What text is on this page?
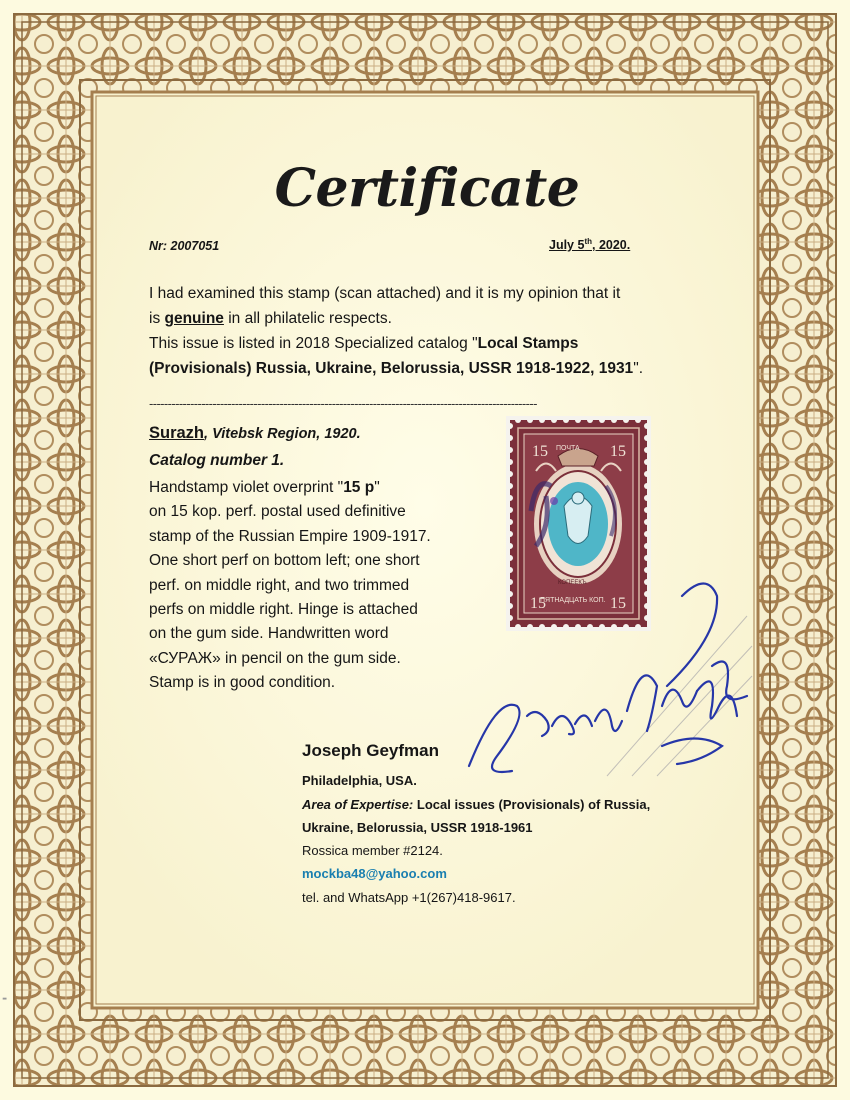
Certificate
Nr: 2007051	July 5th, 2020.
I had examined this stamp (scan attached) and it is my opinion that it
is genuine in all philatelic respects.
This issue is listed in 2018 Specialized catalog "Local Stamps
(Provisionals) Russia, Ukraine, Belorussia, USSR 1918-1922, 1931".
--------------------------------------------------------------------------------------------------------
Surazh, Vitebsk Region, 1920.
Catalog number 1.
Handstamp violet overprint "15 p"
on 15 kop. perf. postal used definitive
stamp of the Russian Empire 1909-1917.
One short perf on bottom left; one short
perf. on middle right, and two trimmed
perfs on middle right. Hinge is attached
on the gum side. Handwritten word
«СУРАЖ» in pencil on the gum side.
Stamp is in good condition.
15	15
15	15
ПОЧТА
КОПЕЕКЪ
ПЯТНАДЦАТЬ КОП.
Joseph Geyfman
Philadelphia, USA.
Area of Expertise: Local issues (Provisionals) of Russia,
Ukraine, Belorussia, USSR 1918-1961
Rossica member #2124.
mockba48@yahoo.com
tel. and WhatsApp +1(267)418-9617.
▮
